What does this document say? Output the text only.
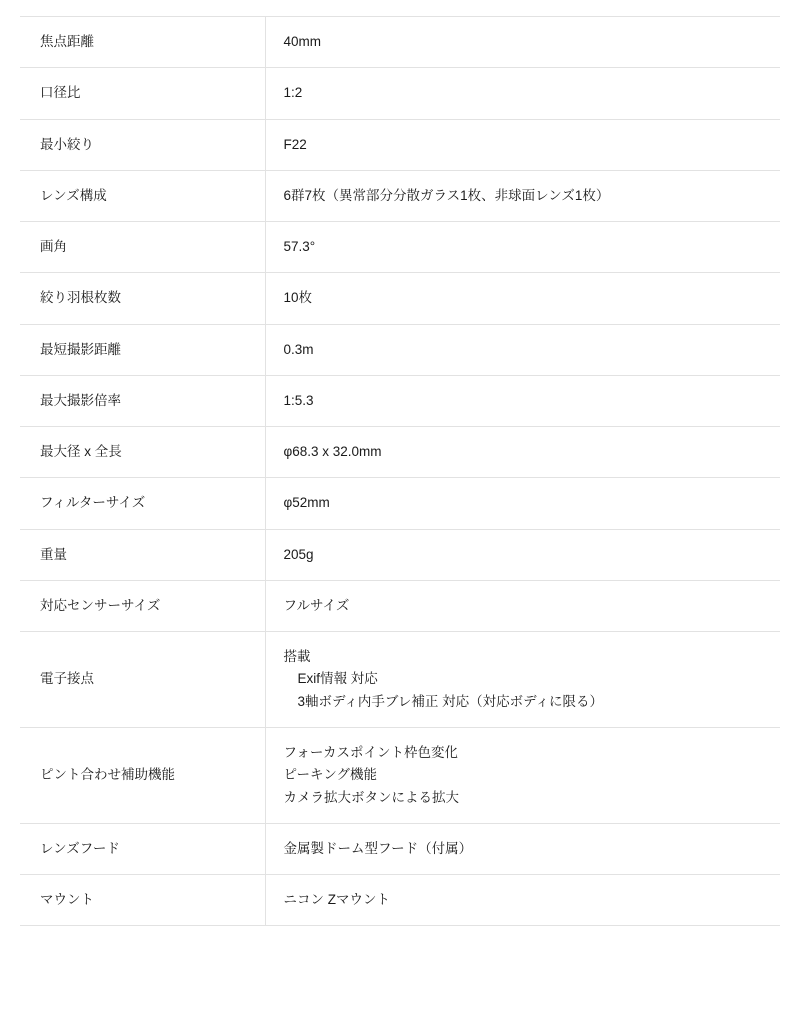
焦点距離	40mm

口径比	1:2

最小絞り	F22

レンズ構成	6群7枚（異常部分分散ガラス1枚、非球面レンズ1枚）

画角	57.3°

絞り羽根枚数	10枚

最短撮影距離	0.3m

最大撮影倍率	1:5.3

最大径 x 全長	φ68.3 x 32.0mm

フィルターサイズ	φ52mm

重量	205g

対応センサーサイズ	フルサイズ

電子接点	搭載
Exif情報 対応
3軸ボディ内手ブレ補正 対応（対応ボディに限る）

ピント合わせ補助機能	フォーカスポイント枠色変化
ピーキング機能
カメラ拡大ボタンによる拡大

レンズフード	金属製ドーム型フード（付属）

マウント	ニコン Zマウント
